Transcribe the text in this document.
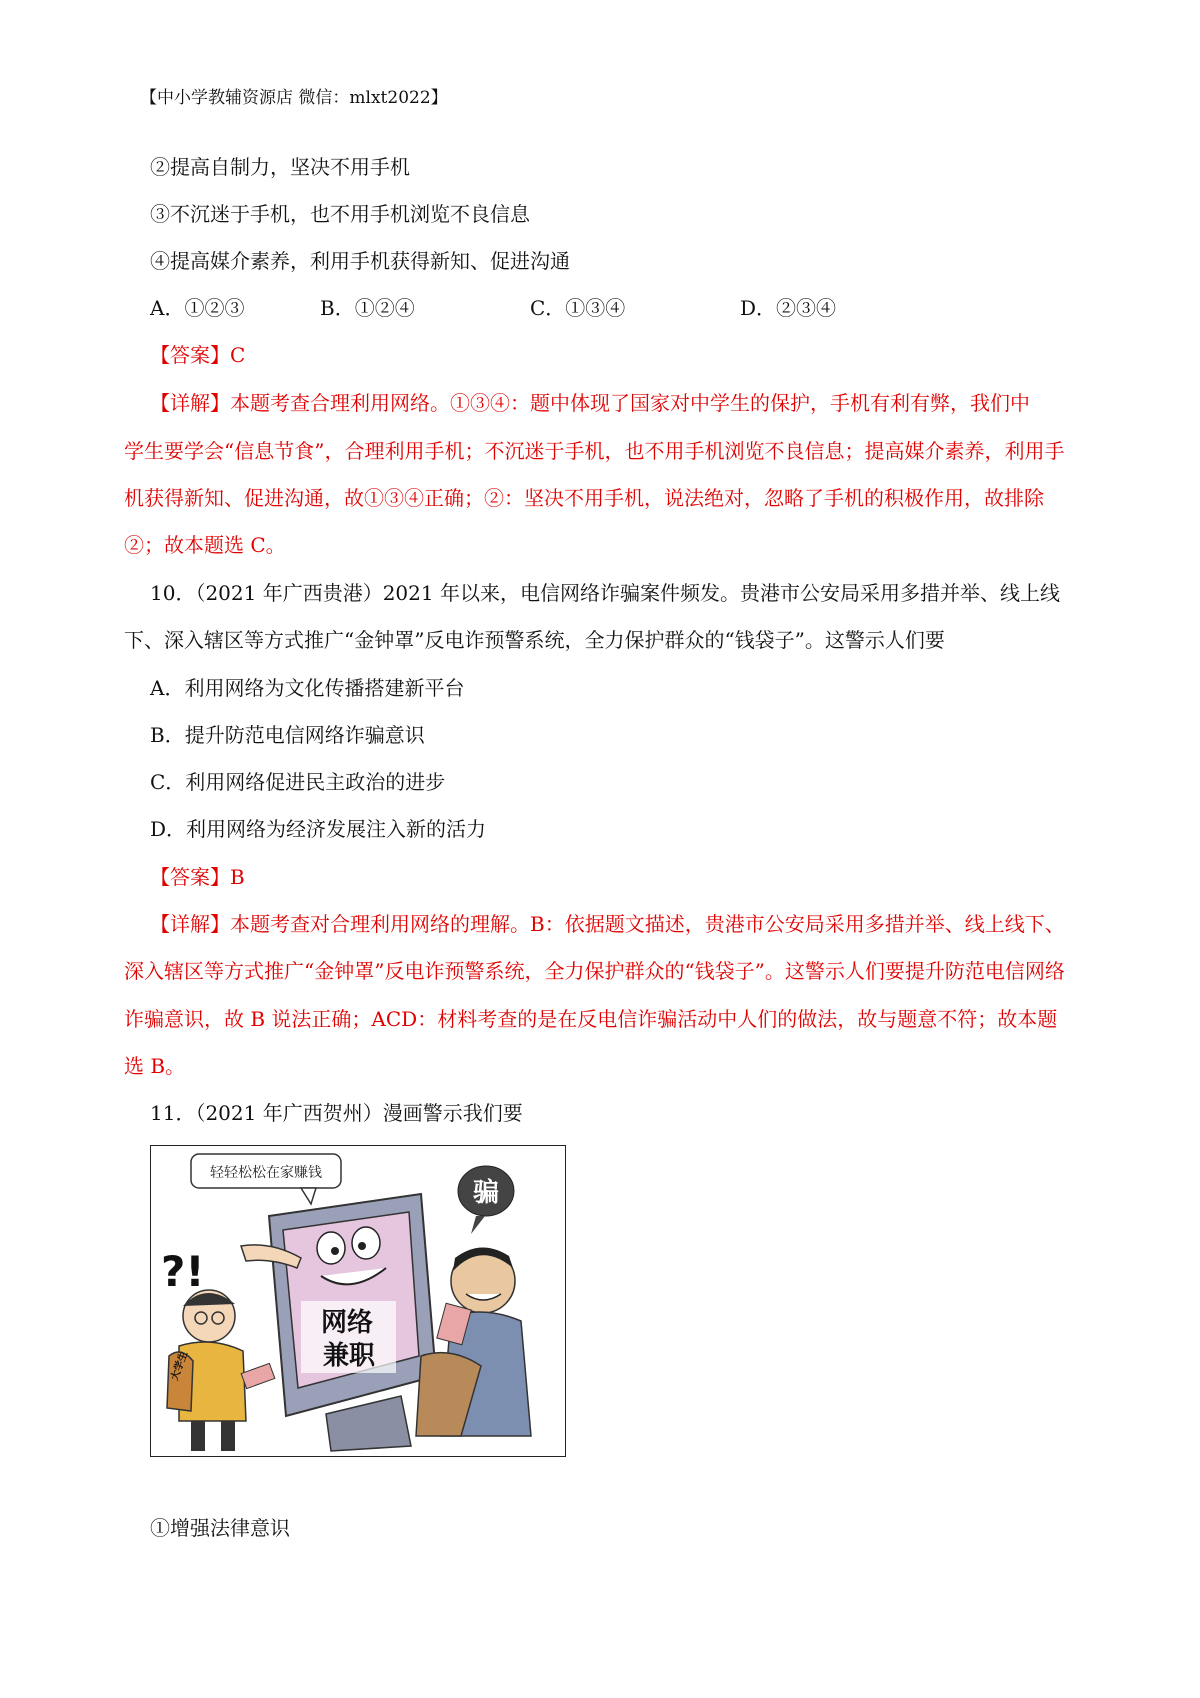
【中小学教辅资源店 微信：mlxt2022】
②提高自制力，坚决不用手机
③不沉迷于手机，也不用手机浏览不良信息
④提高媒介素养，利用手机获得新知、促进沟通
A．①②③	B．①②④	C．①③④	D．②③④
【答案】C
【详解】本题考查合理利用网络。①③④：题中体现了国家对中学生的保护，手机有利有弊，我们中
学生要学会“信息节食”，合理利用手机；不沉迷于手机，也不用手机浏览不良信息；提高媒介素养，利用手
机获得新知、促进沟通，故①③④正确；②：坚决不用手机，说法绝对，忽略了手机的积极作用，故排除
②；故本题选 C。
10．（2021 年广西贵港）2021 年以来，电信网络诈骗案件频发。贵港市公安局采用多措并举、线上线
下、深入辖区等方式推广“金钟罩”反电诈预警系统，全力保护群众的“钱袋子”。这警示人们要
A．利用网络为文化传播搭建新平台
B．提升防范电信网络诈骗意识
C．利用网络促进民主政治的进步
D．利用网络为经济发展注入新的活力
【答案】B
【详解】本题考查对合理利用网络的理解。B：依据题文描述，贵港市公安局采用多措并举、线上线下、
深入辖区等方式推广“金钟罩”反电诈预警系统，全力保护群众的“钱袋子”。这警示人们要提升防范电信网络
诈骗意识，故 B 说法正确；ACD：材料考查的是在反电信诈骗活动中人们的做法，故与题意不符；故本题
选 B。
11．（2021 年广西贺州）漫画警示我们要
轻轻松松在家赚钱
网络
兼职
大学生
?!
骗
①增强法律意识
